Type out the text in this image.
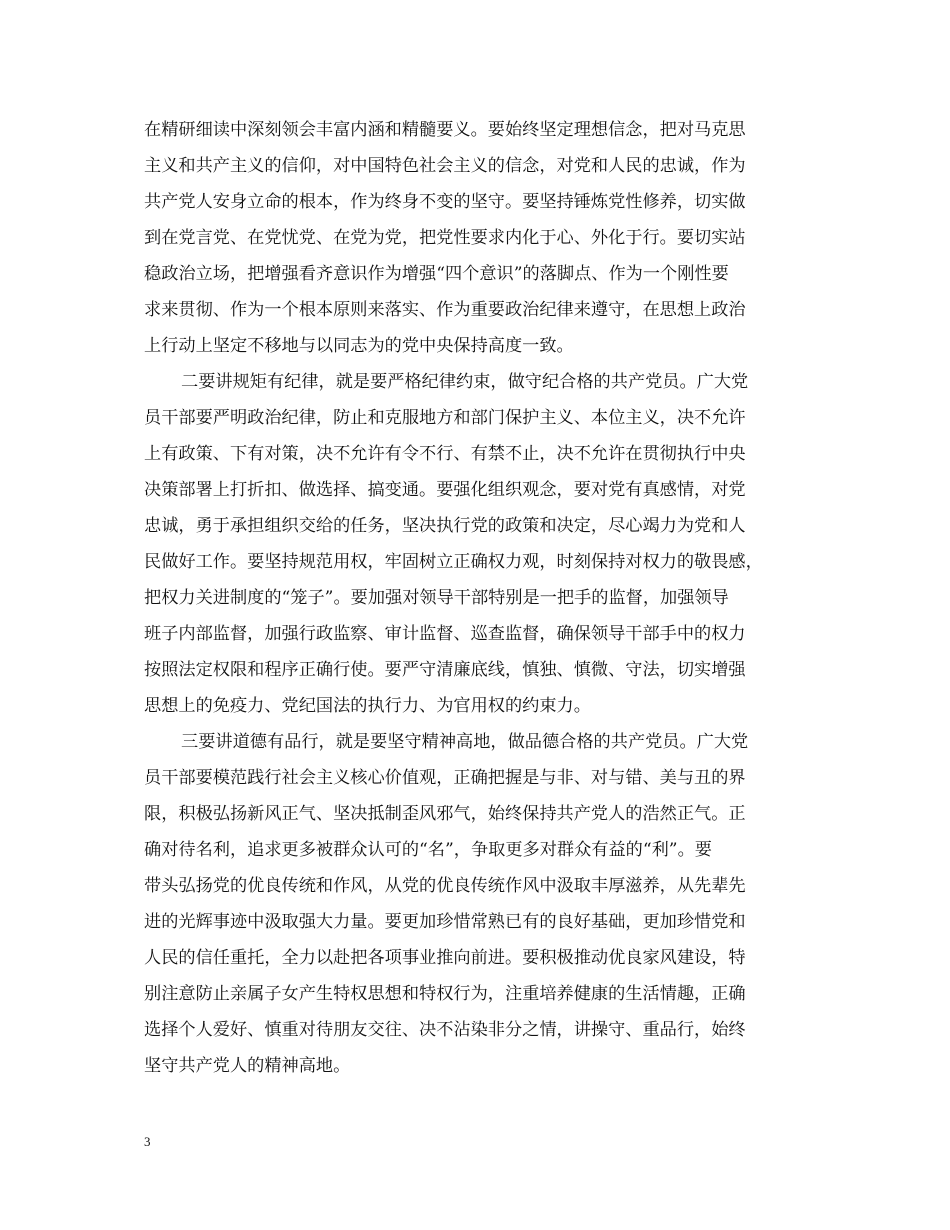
在精研细读中深刻领会丰富内涵和精髓要义。要始终坚定理想信念，把对马克思
主义和共产主义的信仰，对中国特色社会主义的信念，对党和人民的忠诚，作为
共产党人安身立命的根本，作为终身不变的坚守。要坚持锤炼党性修养，切实做
到在党言党、在党忧党、在党为党，把党性要求内化于心、外化于行。要切实站
稳政治立场，把增强看齐意识作为增强“四个意识”的落脚点、作为一个刚性要
求来贯彻、作为一个根本原则来落实、作为重要政治纪律来遵守，在思想上政治
上行动上坚定不移地与以同志为的党中央保持高度一致。
二要讲规矩有纪律，就是要严格纪律约束，做守纪合格的共产党员。广大党
员干部要严明政治纪律，防止和克服地方和部门保护主义、本位主义，决不允许
上有政策、下有对策，决不允许有令不行、有禁不止，决不允许在贯彻执行中央
决策部署上打折扣、做选择、搞变通。要强化组织观念，要对党有真感情，对党
忠诚，勇于承担组织交给的任务，坚决执行党的政策和决定，尽心竭力为党和人
民做好工作。要坚持规范用权，牢固树立正确权力观，时刻保持对权力的敬畏感，
把权力关进制度的“笼子”。要加强对领导干部特别是一把手的监督，加强领导
班子内部监督，加强行政监察、审计监督、巡查监督，确保领导干部手中的权力
按照法定权限和程序正确行使。要严守清廉底线，慎独、慎微、守法，切实增强
思想上的免疫力、党纪国法的执行力、为官用权的约束力。
三要讲道德有品行，就是要坚守精神高地，做品德合格的共产党员。广大党
员干部要模范践行社会主义核心价值观，正确把握是与非、对与错、美与丑的界
限，积极弘扬新风正气、坚决抵制歪风邪气，始终保持共产党人的浩然正气。正
确对待名利，追求更多被群众认可的“名”，争取更多对群众有益的“利”。要
带头弘扬党的优良传统和作风，从党的优良传统作风中汲取丰厚滋养，从先辈先
进的光辉事迹中汲取强大力量。要更加珍惜常熟已有的良好基础，更加珍惜党和
人民的信任重托，全力以赴把各项事业推向前进。要积极推动优良家风建设，特
别注意防止亲属子女产生特权思想和特权行为，注重培养健康的生活情趣，正确
选择个人爱好、慎重对待朋友交往、决不沾染非分之情，讲操守、重品行，始终
坚守共产党人的精神高地。
3
